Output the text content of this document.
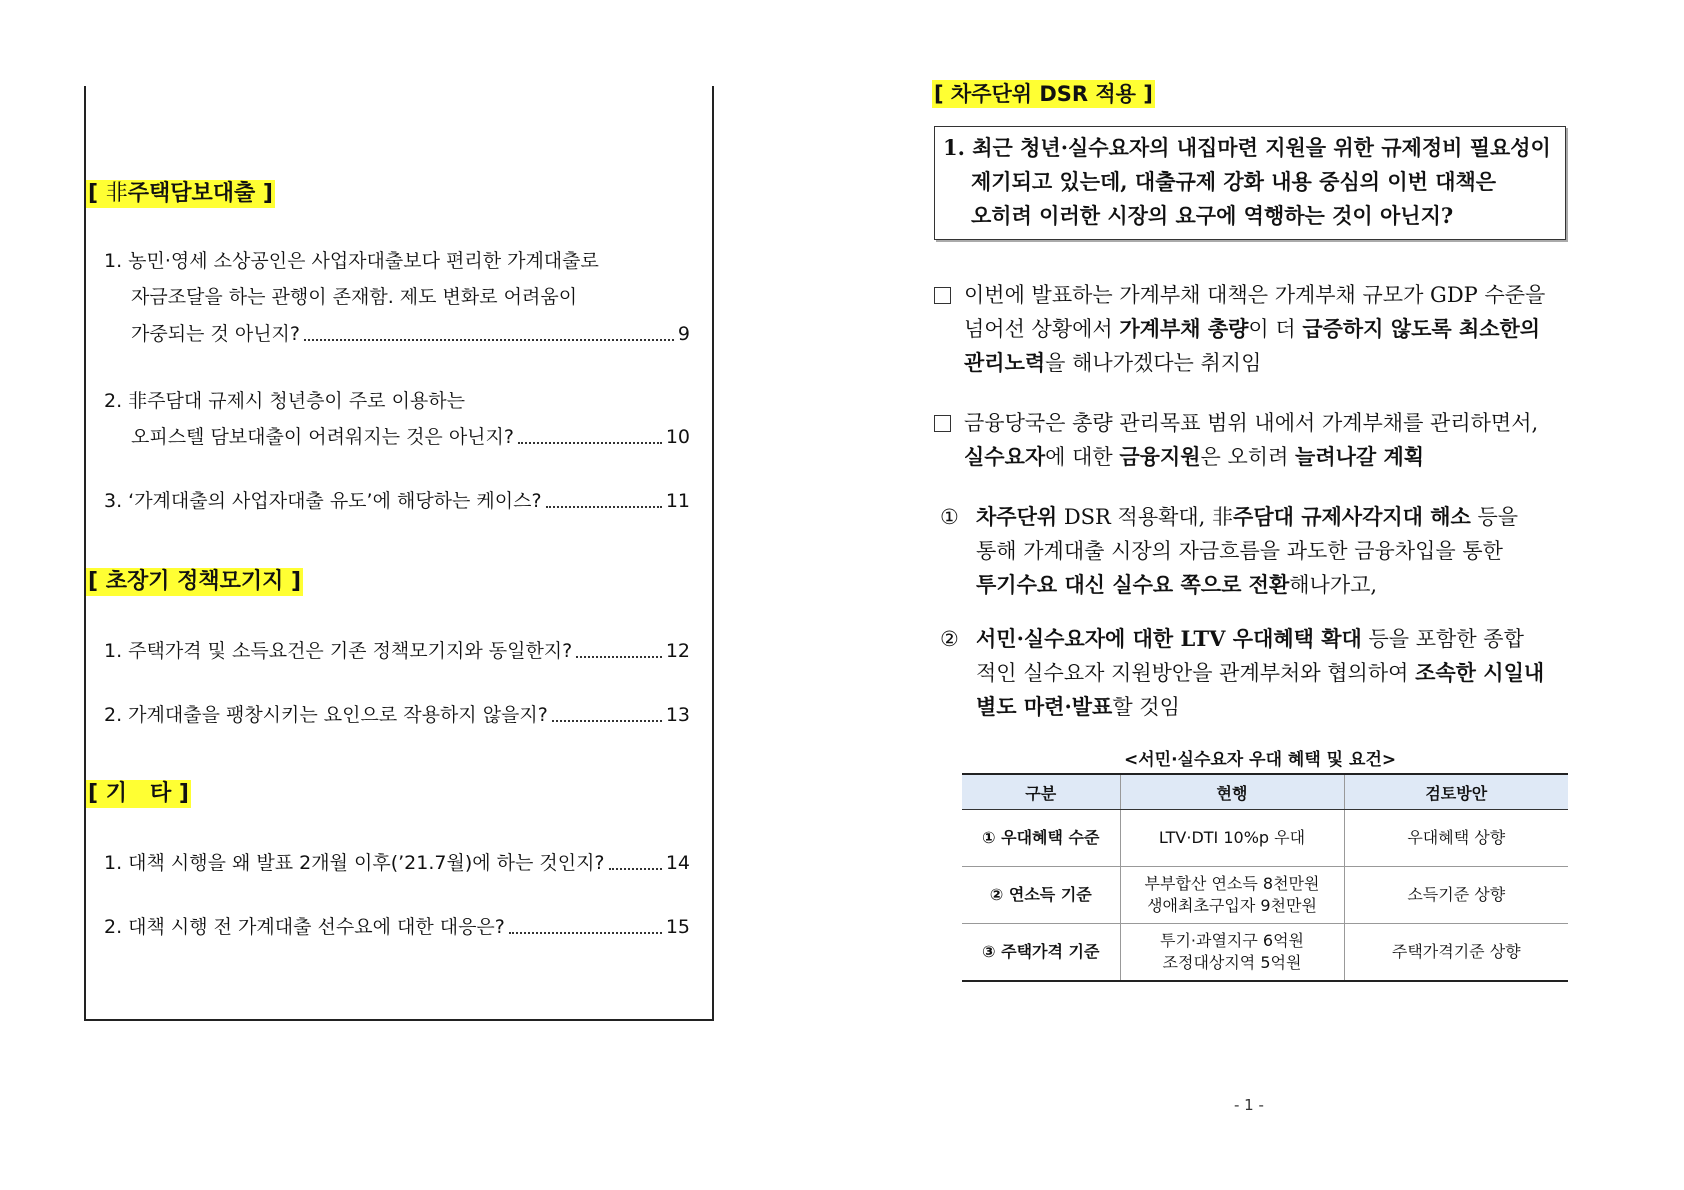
[ 非주택담보대출 ]
1. 농민·영세 소상공인은 사업자대출보다 편리한 가계대출로
자금조달을 하는 관행이 존재함. 제도 변화로 어려움이
가중되는 것 아닌지?	9
2. 非주담대 규제시 청년층이 주로 이용하는
오피스텔 담보대출이 어려워지는 것은 아닌지?	10
3. ‘가계대출의 사업자대출 유도’에 해당하는 케이스?	11
[ 초장기 정책모기지 ]
1. 주택가격 및 소득요건은 기존 정책모기지와 동일한지?	12
2. 가계대출을 팽창시키는 요인으로 작용하지 않을지?	13
[ 기   타 ]
1. 대책 시행을 왜 발표 2개월 이후(’21.7월)에 하는 것인지?	14
2. 대책 시행 전 가계대출 선수요에 대한 대응은?	15
[ 차주단위 DSR 적용 ]
1. 최근 청년·실수요자의 내집마련 지원을 위한 규제정비 필요성이
제기되고 있는데, 대출규제 강화 내용 중심의 이번 대책은
오히려 이러한 시장의 요구에 역행하는 것이 아닌지?
이번에 발표하는 가계부채 대책은 가계부채 규모가 GDP 수준을
넘어선 상황에서 가계부채 총량이 더 급증하지 않도록 최소한의
관리노력을 해나가겠다는 취지임
금융당국은 총량 관리목표 범위 내에서 가계부채를 관리하면서,
실수요자에 대한 금융지원은 오히려 늘려나갈 계획
① 차주단위 DSR 적용확대, 非주담대 규제사각지대 해소 등을
통해 가계대출 시장의 자금흐름을 과도한 금융차입을 통한
투기수요 대신 실수요 쪽으로 전환해나가고,
② 서민·실수요자에 대한 LTV 우대혜택 확대 등을 포함한 종합
적인 실수요자 지원방안을 관계부처와 협의하여 조속한 시일내
별도 마련·발표할 것임
<서민·실수요자 우대 혜택 및 요건>
구분	현행	검토방안
① 우대혜택 수준	LTV·DTI 10%p 우대	우대혜택 상향
② 연소득 기준	부부합산 연소득 8천만원
생애최초구입자 9천만원	소득기준 상향
③ 주택가격 기준	투기·과열지구 6억원
조정대상지역 5억원	주택가격기준 상향
- 1 -
